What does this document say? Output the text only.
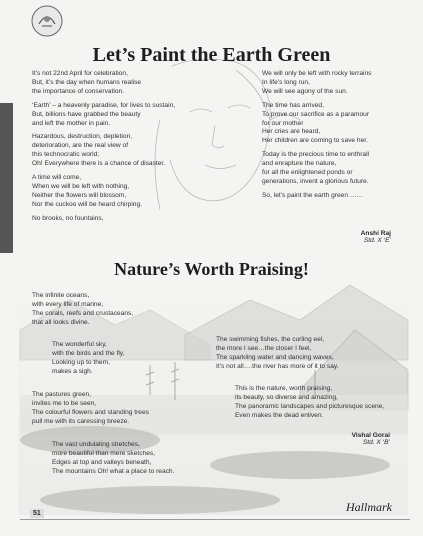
Let’s Paint the Earth Green
It’s not 22nd April for celebration,
But, it’s the day when humans realise
the importance of conservation.
‘Earth’ – a heavenly paradise, for lives to sustain,
But, billions have grabbed the beauty
and left the mother in pain.
Hazardous, destruction, depletion,
deterioration, are the real view of
this technocratic world;
Oh! Everywhere there is a chance of disaster.
A time will come,
When we will be left with nothing,
Neither the flowers will blossom,
Nor the cuckoo will be heard chirping.
No brooks, no fountains,
We will only be left with rocky terrains
In life’s long run,
We will see agony of the sun.
The time has arrived,
To prove our sacrifice as a paramour
for our mother
Her cries are heard,
Her children are coming to save her.
Today is the precious time to enthrall
and enrapture the nature,
for all the enlightened ponds or
generations, invent a glorious future.
So, let’s paint the earth green ……
Anshi Raj
Std. X ‘E’
Nature’s Worth Praising!
The infinite oceans,
with every life of marine,
The corals, reefs and crustaceans,
that all looks divine.
The wonderful sky,
with the birds and the fly,
Looking up to them,
makes a sigh.
The pastures green,
invites me to be seen,
The colourful flowers and standing trees
pull me with its caressing breeze.
The vast undulating stretches,
more beautiful than mere sketches,
Edges at top and valleys beneath,
The mountains Oh! what a place to reach.
The swimming fishes, the curling eel,
the more I see…the closer I feel,
The sparkling water and dancing waves,
It’s not all….the river has more of it to say.
This is the nature, worth praising,
its beauty, so diverse and amazing,
The panoramic landscapes and picturesque scene,
Even makes the dead enliven.
Vishal Gorai
Std. X ‘B’
51	Hallmark
